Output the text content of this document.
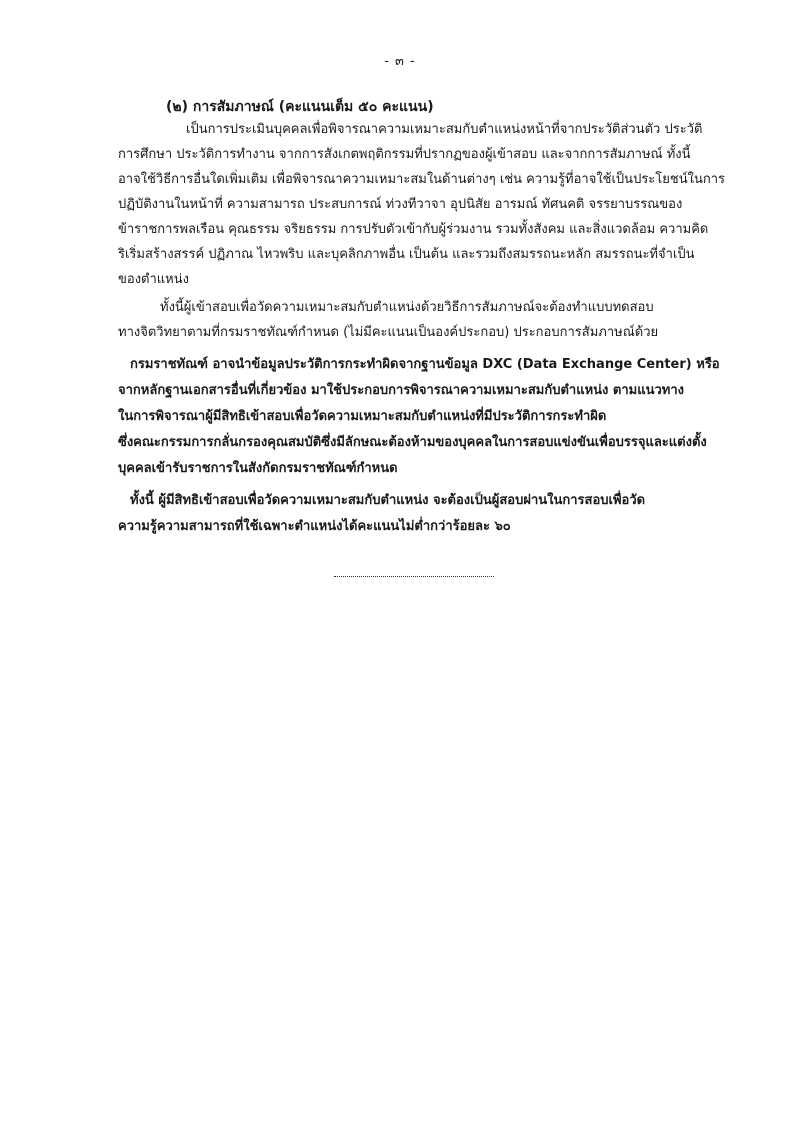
- ๓ -
(๒) การสัมภาษณ์ (คะแนนเต็ม ๕๐ คะแนน)
เป็นการประเมินบุคคลเพื่อพิจารณาความเหมาะสมกับตำแหน่งหน้าที่จากประวัติส่วนตัว ประวัติ
การศึกษา ประวัติการทำงาน จากการสังเกตพฤติกรรมที่ปรากฏของผู้เข้าสอบ และจากการสัมภาษณ์ ทั้งนี้
อาจใช้วิธีการอื่นใดเพิ่มเติม เพื่อพิจารณาความเหมาะสมในด้านต่างๆ เช่น ความรู้ที่อาจใช้เป็นประโยชน์ในการ
ปฏิบัติงานในหน้าที่ ความสามารถ ประสบการณ์ ท่วงทีวาจา อุปนิสัย อารมณ์ ทัศนคติ จรรยาบรรณของ
ข้าราชการพลเรือน คุณธรรม จริยธรรม การปรับตัวเข้ากับผู้ร่วมงาน รวมทั้งสังคม และสิ่งแวดล้อม ความคิด
ริเริ่มสร้างสรรค์ ปฏิภาณ ไหวพริบ และบุคลิกภาพอื่น เป็นต้น และรวมถึงสมรรถนะหลัก สมรรถนะที่จำเป็น
ของตำแหน่ง
ทั้งนี้ผู้เข้าสอบเพื่อวัดความเหมาะสมกับตำแหน่งด้วยวิธีการสัมภาษณ์จะต้องทำแบบทดสอบ
ทางจิตวิทยาตามที่กรมราชทัณฑ์กำหนด (ไม่มีคะแนนเป็นองค์ประกอบ) ประกอบการสัมภาษณ์ด้วย
กรมราชทัณฑ์ อาจนำข้อมูลประวัติการกระทำผิดจากฐานข้อมูล DXC (Data Exchange Center) หรือ
จากหลักฐานเอกสารอื่นที่เกี่ยวข้อง มาใช้ประกอบการพิจารณาความเหมาะสมกับตำแหน่ง ตามแนวทาง
ในการพิจารณาผู้มีสิทธิเข้าสอบเพื่อวัดความเหมาะสมกับตำแหน่งที่มีประวัติการกระทำผิด
ซึ่งคณะกรรมการกลั่นกรองคุณสมบัติซึ่งมีลักษณะต้องห้ามของบุคคลในการสอบแข่งขันเพื่อบรรจุและแต่งตั้ง
บุคคลเข้ารับราชการในสังกัดกรมราชทัณฑ์กำหนด
ทั้งนี้ ผู้มีสิทธิเข้าสอบเพื่อวัดความเหมาะสมกับตำแหน่ง จะต้องเป็นผู้สอบผ่านในการสอบเพื่อวัด
ความรู้ความสามารถที่ใช้เฉพาะตำแหน่งได้คะแนนไม่ต่ำกว่าร้อยละ ๖๐
